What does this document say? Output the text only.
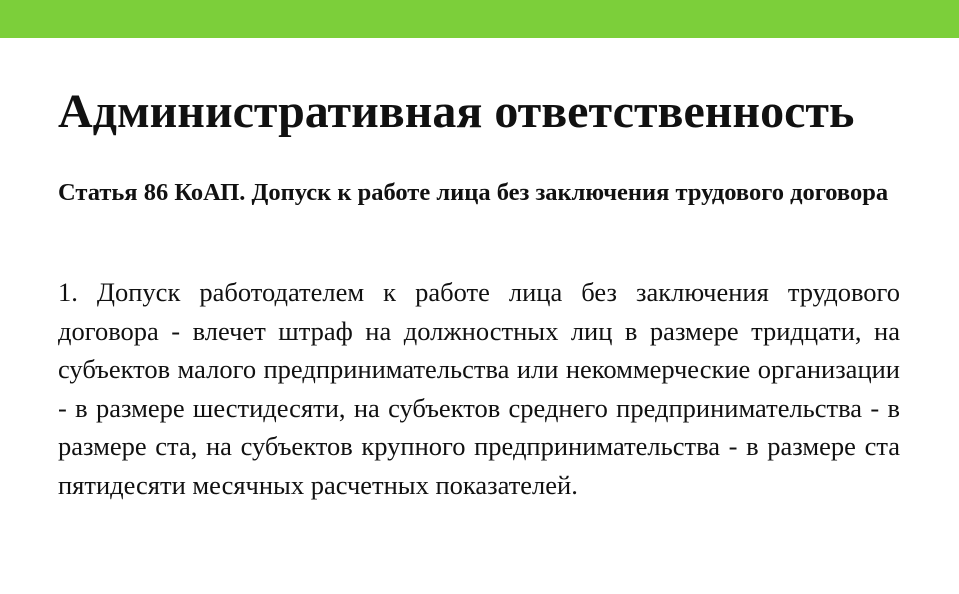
Административная ответственность

Статья 86 КоАП. Допуск к работе лица без заключения трудового договора

1. Допуск работодателем к работе лица без заключения трудового договора - влечет штраф на должностных лиц в размере тридцати, на субъектов малого предпринимательства или некоммерческие организации - в размере шестидесяти, на субъектов среднего предпринимательства - в размере ста, на субъектов крупного предпринимательства - в размере ста пятидесяти месячных расчетных показателей.
